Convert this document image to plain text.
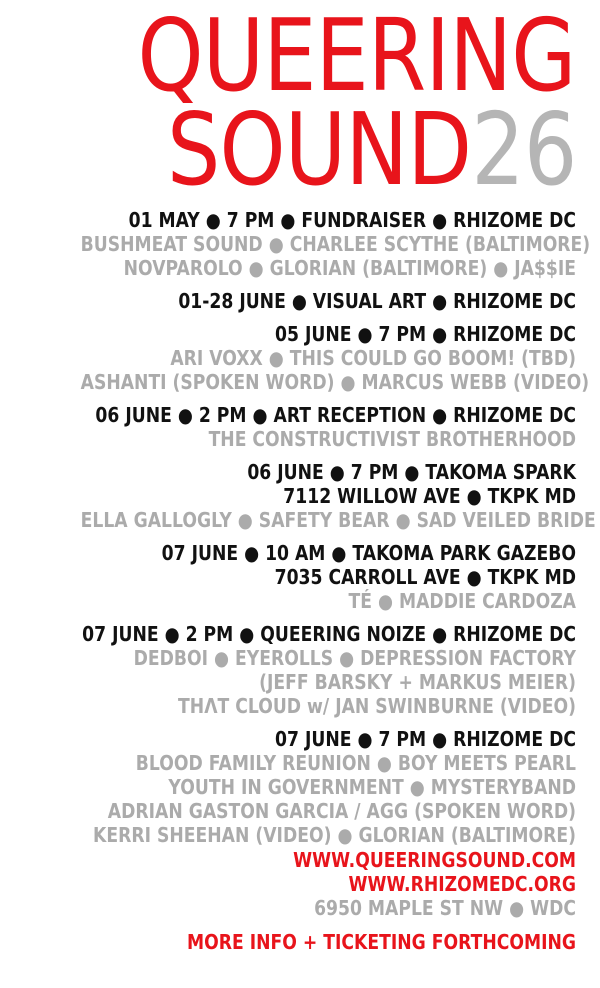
QUEERING
SOUND26
01 MAY ● 7 PM ● FUNDRAISER ● RHIZOME DC
BUSHMEAT SOUND ● CHARLEE SCYTHE (BALTIMORE)
NOVPAROLO ● GLORIAN (BALTIMORE) ● JA$$IE
01-28 JUNE ● VISUAL ART ● RHIZOME DC
05 JUNE ● 7 PM ● RHIZOME DC
ARI VOXX ● THIS COULD GO BOOM! (TBD)
ASHANTI (SPOKEN WORD) ● MARCUS WEBB (VIDEO)
06 JUNE ● 2 PM ● ART RECEPTION ● RHIZOME DC
THE CONSTRUCTIVIST BROTHERHOOD
06 JUNE ● 7 PM ● TAKOMA SPARK
7112 WILLOW AVE ● TKPK MD
ELLA GALLOGLY ● SAFETY BEAR ● SAD VEILED BRIDE
07 JUNE ● 10 AM ● TAKOMA PARK GAZEBO
7035 CARROLL AVE ● TKPK MD
TÉ ● MADDIE CARDOZA
07 JUNE ● 2 PM ● QUEERING NOIZE ● RHIZOME DC
DEDBOI ● EYEROLLS ● DEPRESSION FACTORY
(JEFF BARSKY + MARKUS MEIER)
THɅT CLOUD w/ JAN SWINBURNE (VIDEO)
07 JUNE ● 7 PM ● RHIZOME DC
BLOOD FAMILY REUNION ● BOY MEETS PEARL
YOUTH IN GOVERNMENT ● MYSTERYBAND
ADRIAN GASTON GARCIA / AGG (SPOKEN WORD)
KERRI SHEEHAN (VIDEO) ● GLORIAN (BALTIMORE)
WWW.QUEERINGSOUND.COM
WWW.RHIZOMEDC.ORG
6950 MAPLE ST NW ● WDC
MORE INFO + TICKETING FORTHCOMING
